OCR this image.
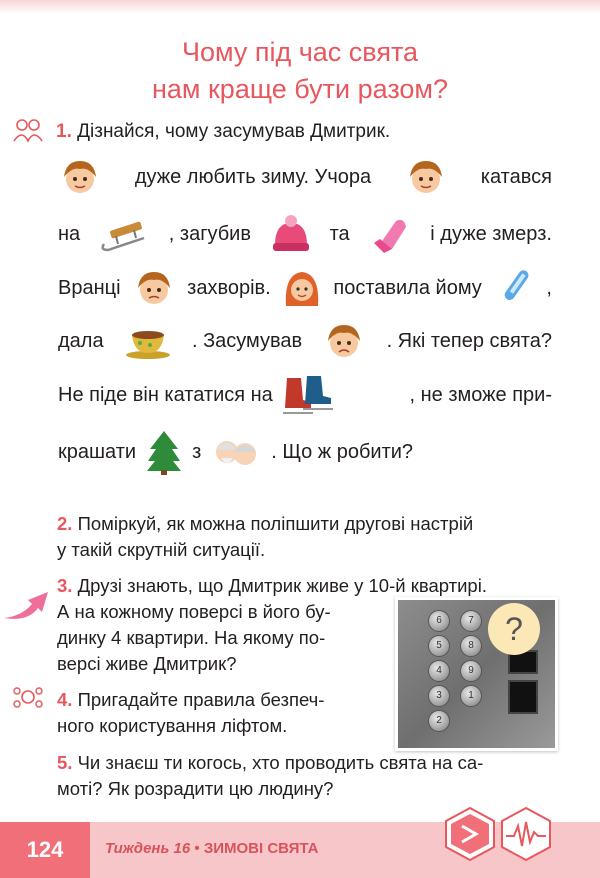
Чому під час свята
нам краще бути разом?
1. Дізнайся, чому засумував Дмитрик.
дуже любить зиму. Учора	катався
на	, загубив	та	і дуже змерз.
Вранці	захворів.	поставила йому	,
дала	. Засумував	. Які тепер свята?
Не піде він кататися на	, не зможе при-
крашати	з	. Що ж робити?
2. Поміркуй, як можна поліпшити другові настрій
у такій скрутній ситуації.
3. Друзі знають, що Дмитрик живе у 10-й квартирі.
А на кожному поверсі в його бу-
динку 4 квартири. На якому по-
версі живе Дмитрик?
6
5
4
3
2
7
8
9
1
?
4. Пригадайте правила безпеч-
ного користування ліфтом.
5. Чи знаєш ти когось, хто проводить свята на са-
моті? Як розрадити цю людину?
124	Тиждень 16 • ЗИМОВІ СВЯТА
